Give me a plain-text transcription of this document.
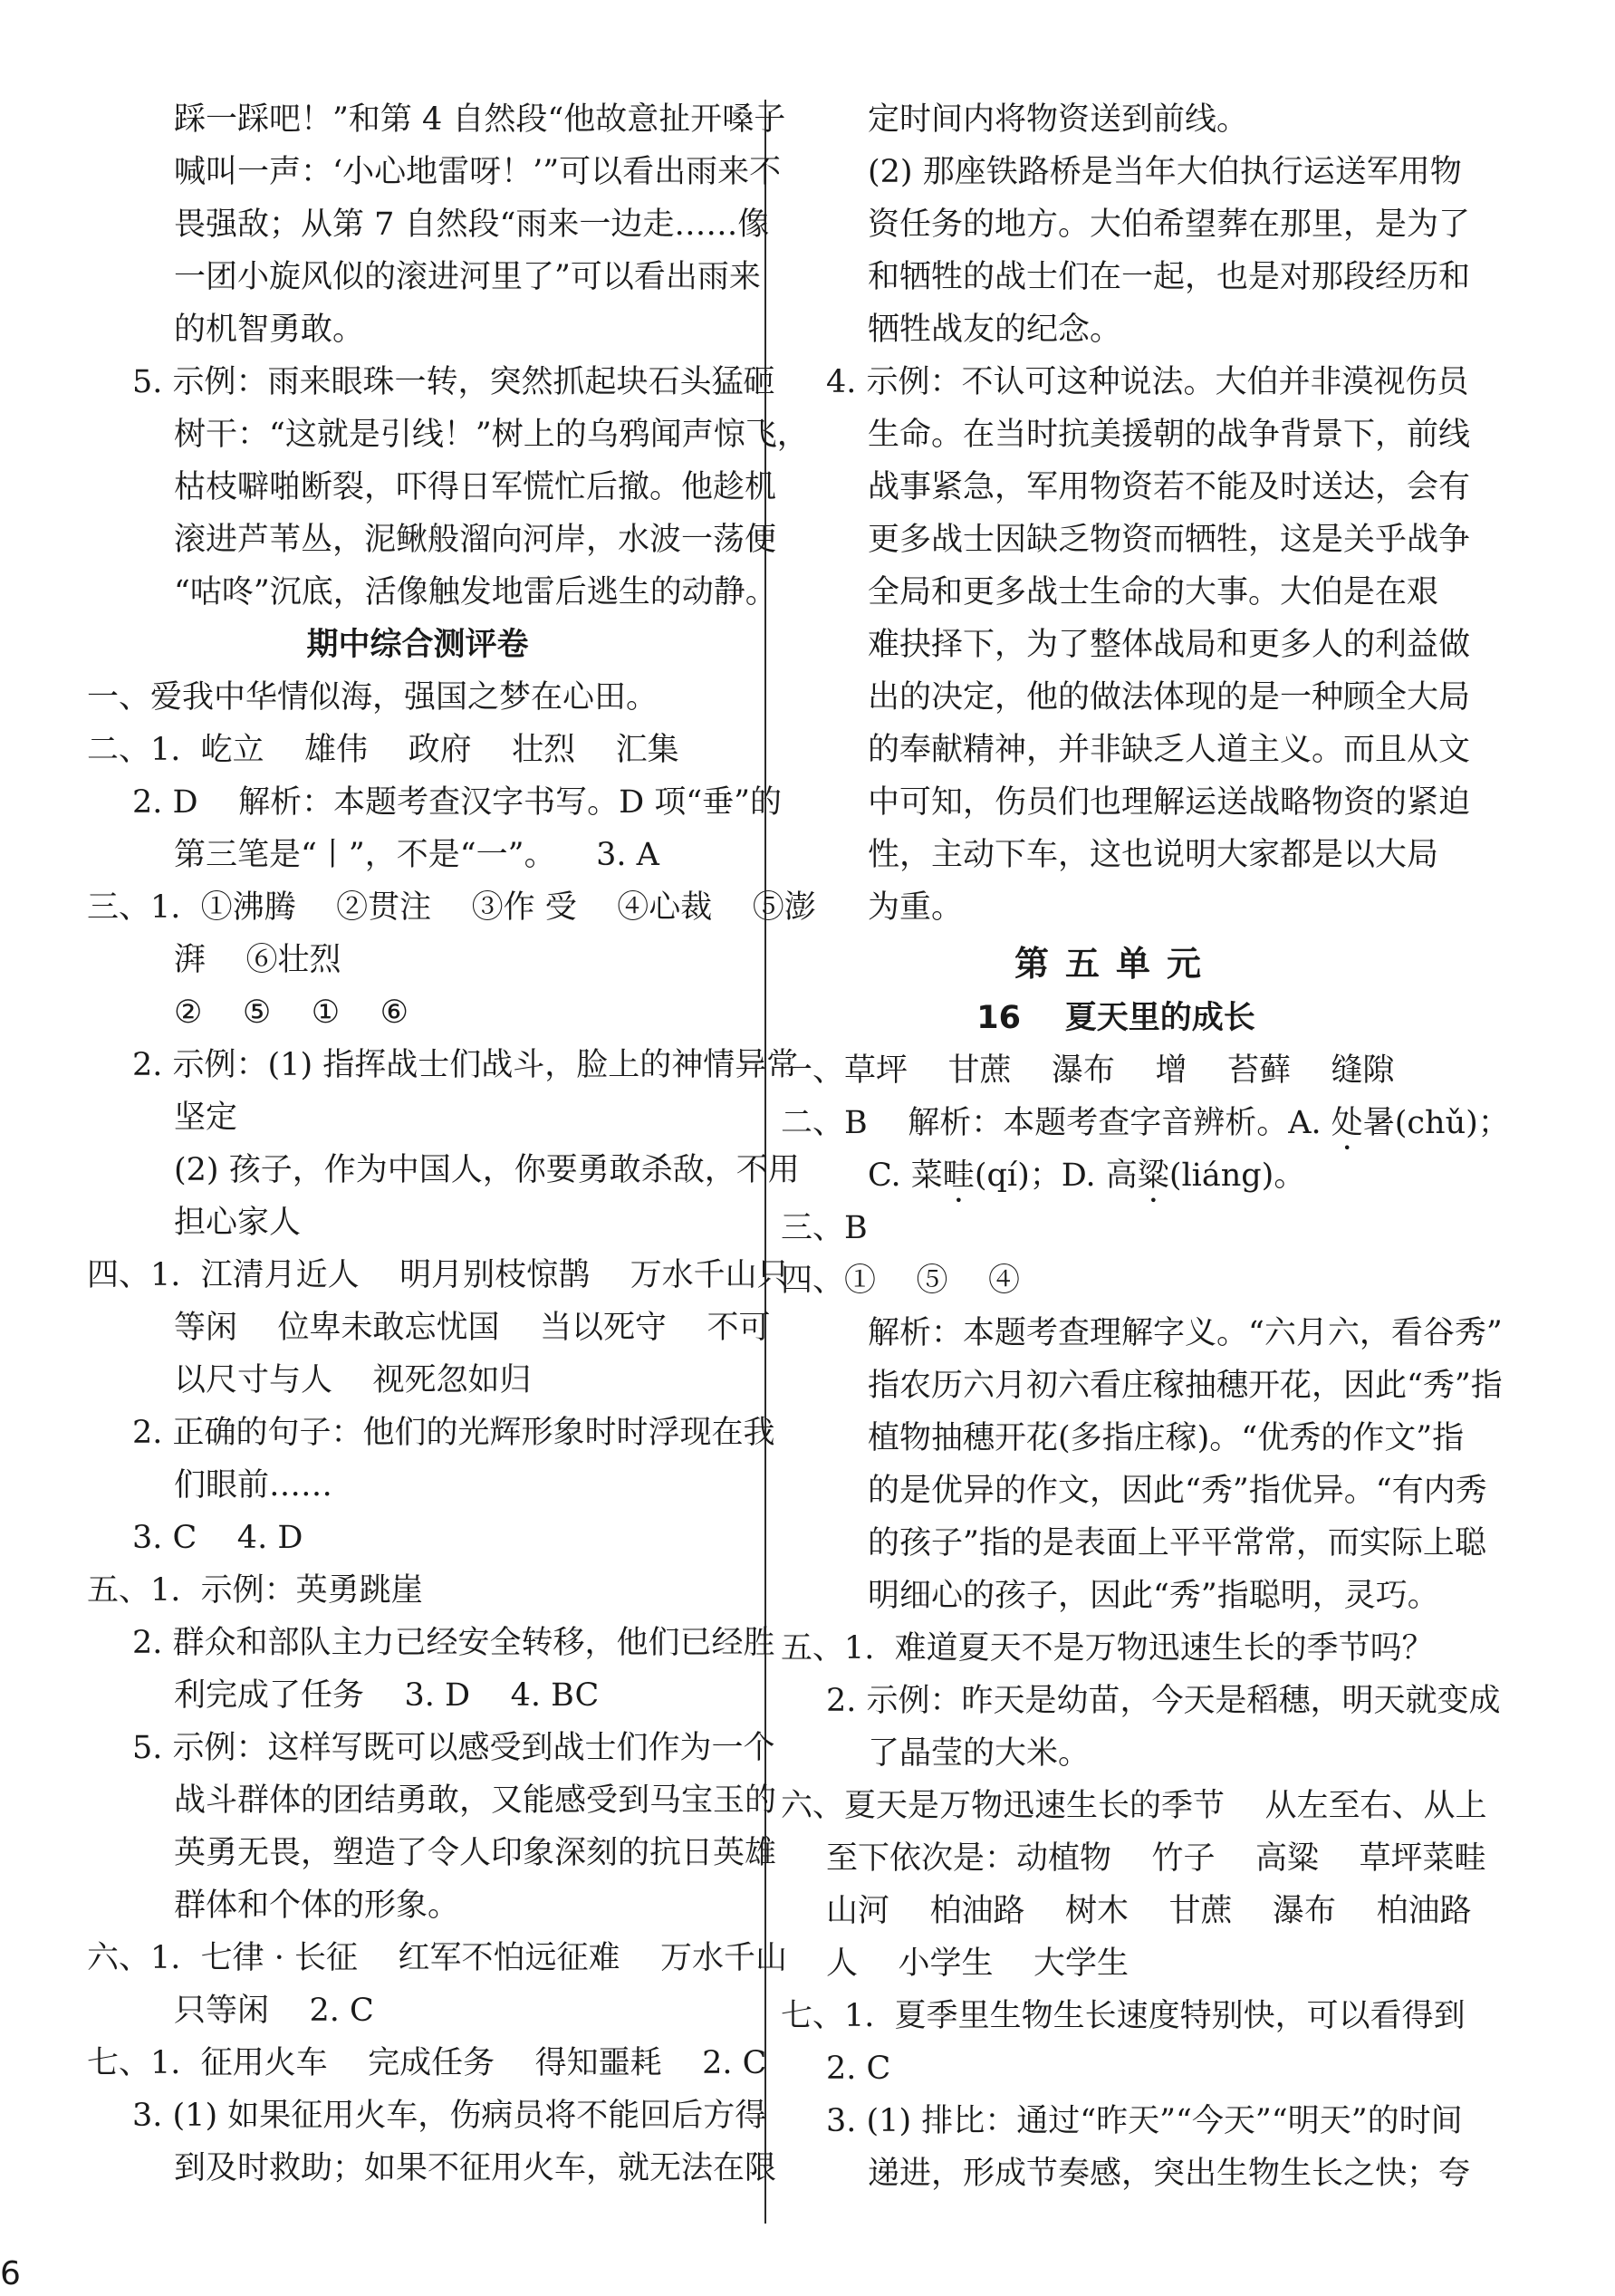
踩一踩吧！”和第 4 自然段“他故意扯开嗓子
喊叫一声：‘小心地雷呀！’”可以看出雨来不
畏强敌；从第 7 自然段“雨来一边走……像
一团小旋风似的滚进河里了”可以看出雨来
的机智勇敢。
5. 示例：雨来眼珠一转，突然抓起块石头猛砸
树干：“这就是引线！”树上的乌鸦闻声惊飞，
枯枝噼啪断裂，吓得日军慌忙后撤。他趁机
滚进芦苇丛，泥鳅般溜向河岸，水波一荡便
“咕咚”沉底，活像触发地雷后逃生的动静。
期中综合测评卷
一、爱我中华情似海，强国之梦在心田。
二、1.  屹立    雄伟    政府    壮烈    汇集
2. D    解析：本题考查汉字书写。D 项“垂”的
第三笔是“丨”，不是“一”。    3. A
三、1.  ①沸腾    ②贯注    ③作 受    ④心裁    ⑤澎
湃    ⑥壮烈
②    ⑤    ①    ⑥
2. 示例：(1) 指挥战士们战斗，脸上的神情异常
坚定
(2) 孩子，作为中国人，你要勇敢杀敌，不用
担心家人
四、1.  江清月近人    明月别枝惊鹊    万水千山只
等闲    位卑未敢忘忧国    当以死守    不可
以尺寸与人    视死忽如归
2. 正确的句子：他们的光辉形象时时浮现在我
们眼前……
3. C    4. D
五、1.  示例：英勇跳崖
2. 群众和部队主力已经安全转移，他们已经胜
利完成了任务    3. D    4. BC
5. 示例：这样写既可以感受到战士们作为一个
战斗群体的团结勇敢，又能感受到马宝玉的
英勇无畏，塑造了令人印象深刻的抗日英雄
群体和个体的形象。
六、1.  七律 · 长征    红军不怕远征难    万水千山
只等闲    2. C
七、1.  征用火车    完成任务    得知噩耗    2. C
3. (1) 如果征用火车，伤病员将不能回后方得
到及时救助；如果不征用火车，就无法在限
定时间内将物资送到前线。
(2) 那座铁路桥是当年大伯执行运送军用物
资任务的地方。大伯希望葬在那里，是为了
和牺牲的战士们在一起，也是对那段经历和
牺牲战友的纪念。
4. 示例：不认可这种说法。大伯并非漠视伤员
生命。在当时抗美援朝的战争背景下，前线
战事紧急，军用物资若不能及时送达，会有
更多战士因缺乏物资而牺牲，这是关乎战争
全局和更多战士生命的大事。大伯是在艰
难抉择下，为了整体战局和更多人的利益做
出的决定，他的做法体现的是一种顾全大局
的奉献精神，并非缺乏人道主义。而且从文
中可知，伤员们也理解运送战略物资的紧迫
性，主动下车，这也说明大家都是以大局
为重。
第五单元
16    夏天里的成长
一、草坪    甘蔗    瀑布    增    苔藓    缝隙
二、B    解析：本题考查字音辨析。A. 处暑(chǔ)；
C. 菜畦(qí)；D. 高粱(liáng)。
三、B
四、①    ⑤    ④
解析：本题考查理解字义。“六月六，看谷秀”
指农历六月初六看庄稼抽穗开花，因此“秀”指
植物抽穗开花(多指庄稼)。“优秀的作文”指
的是优异的作文，因此“秀”指优异。“有内秀
的孩子”指的是表面上平平常常，而实际上聪
明细心的孩子，因此“秀”指聪明，灵巧。
五、1.  难道夏天不是万物迅速生长的季节吗？
2. 示例：昨天是幼苗，今天是稻穗，明天就变成
了晶莹的大米。
六、夏天是万物迅速生长的季节    从左至右、从上
至下依次是：动植物    竹子    高粱    草坪菜畦
山河    柏油路    树木    甘蔗    瀑布    柏油路
人    小学生    大学生
七、1.  夏季里生物生长速度特别快，可以看得到
2. C
3. (1) 排比：通过“昨天”“今天”“明天”的时间
递进，形成节奏感，突出生物生长之快；夸
6
